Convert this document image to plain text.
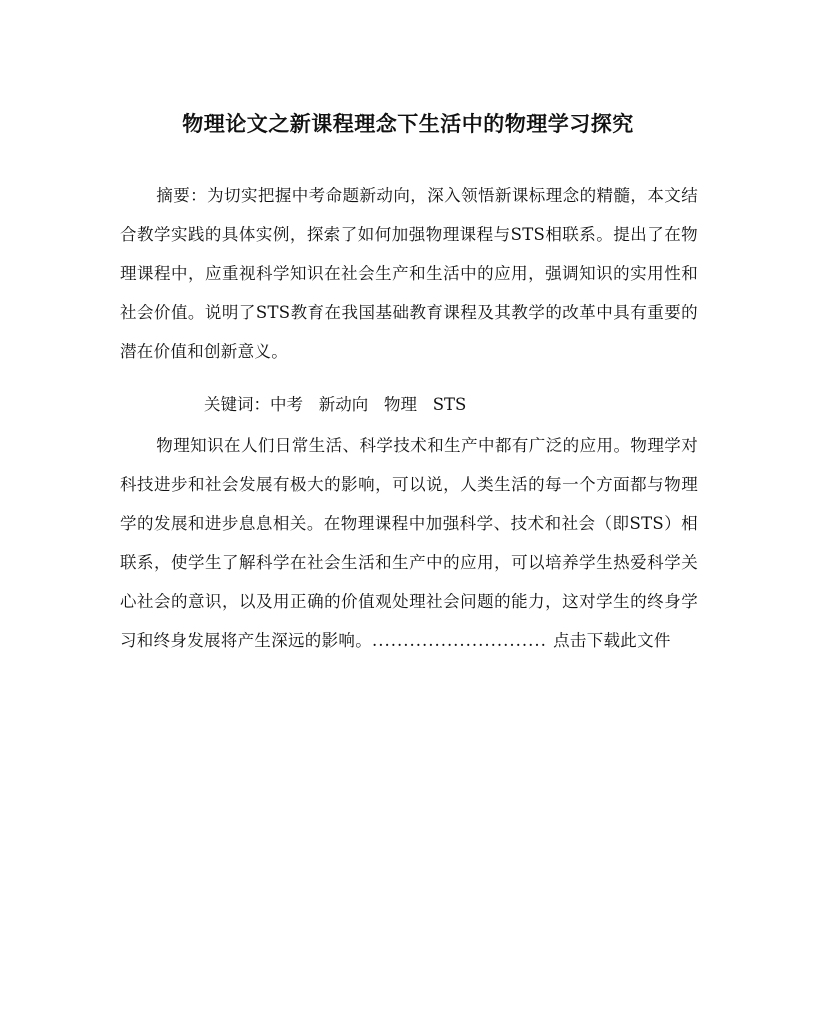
物理论文之新课程理念下生活中的物理学习探究

摘要：为切实把握中考命题新动向，深入领悟新课标理念的精髓，本文结合教学实践的具体实例，探索了如何加强物理课程与STS相联系。提出了在物理课程中，应重视科学知识在社会生产和生活中的应用，强调知识的实用性和社会价值。说明了STS教育在我国基础教育课程及其教学的改革中具有重要的潜在价值和创新意义。

关键词：中考   新动向   物理   STS

物理知识在人们日常生活、科学技术和生产中都有广泛的应用。物理学对科技进步和社会发展有极大的影响，可以说，人类生活的每一个方面都与物理学的发展和进步息息相关。在物理课程中加强科学、技术和社会（即STS）相联系，使学生了解科学在社会生活和生产中的应用，可以培养学生热爱科学关心社会的意识，以及用正确的价值观处理社会问题的能力，这对学生的终身学习和终身发展将产生深远的影响。............................ 点击下载此文件
